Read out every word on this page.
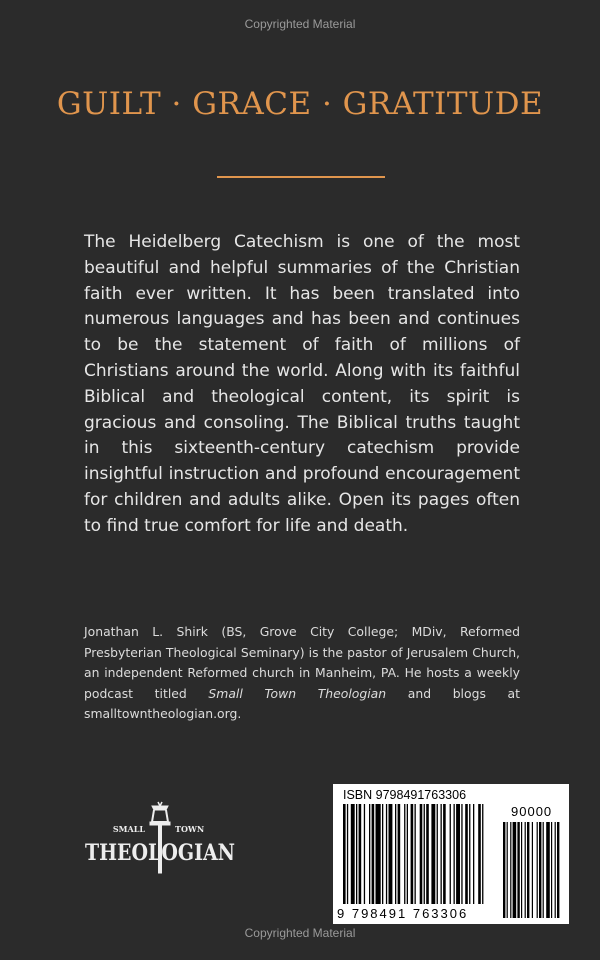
Copyrighted Material
GUILT · GRACE · GRATITUDE

The Heidelberg Catechism is one of the most beautiful and helpful summaries of the Christian faith ever written. It has been translated into numerous languages and has been and continues to be the statement of faith of millions of Christians around the world. Along with its faithful Biblical and theological content, its spirit is gracious and consoling. The Biblical truths taught in this sixteenth-century catechism provide insightful instruction and profound encouragement for children and adults alike. Open its pages often to find true comfort for life and death.

Jonathan L. Shirk (BS, Grove City College; MDiv, Reformed Presbyterian Theological Seminary) is the pastor of Jerusalem Church, an independent Reformed church in Manheim, PA. He hosts a weekly podcast titled Small Town Theologian and blogs at smalltowntheologian.org.

SMALL	TOWN
THEOLOGIAN
ISBN 9798491763306
9 798491 763306
90000
Copyrighted Material
